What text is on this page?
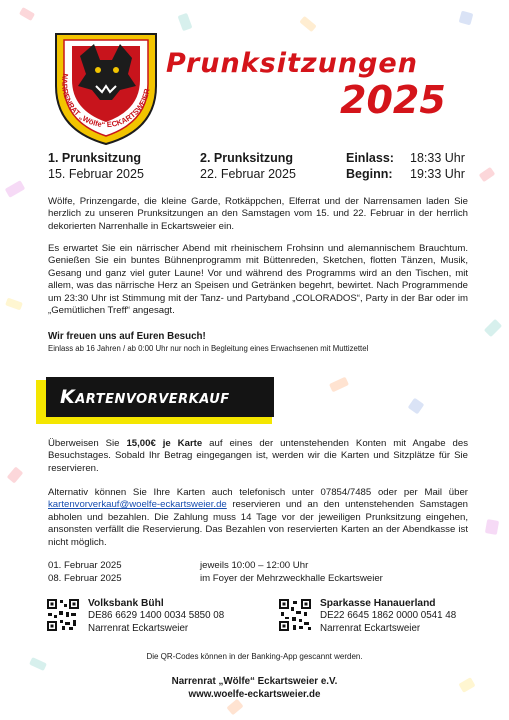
NARRENRAT „Wölfe“ ECKARTSWEIER
Prunksitzungen
2025
1. Prunksitzung
15. Februar 2025
2. Prunksitzung
22. Februar 2025
Einlass:	18:33 Uhr
Beginn:	19:33 Uhr

Wölfe, Prinzengarde, die kleine Garde, Rotkäppchen, Elferrat und der Narrensamen laden Sie herzlich zu unseren Prunksitzungen an den Samstagen vom 15. und 22. Februar in der herrlich dekorierten Narrenhalle in Eckartsweier ein.

Es erwartet Sie ein närrischer Abend mit rheinischem Frohsinn und alemannischem Brauchtum. Genießen Sie ein buntes Bühnenprogramm mit Büttenreden, Sketchen, flotten Tänzen, Musik, Gesang und ganz viel guter Laune! Vor und während des Programms wird an den Tischen, mit allem, was das närrische Herz an Speisen und Getränken begehrt, bewirtet. Nach Programmende um 23:30 Uhr ist Stimmung mit der Tanz- und Partyband „COLORADOS“, Party in der Bar oder im „Gemütlichen Treff“ angesagt.

Wir freuen uns auf Euren Besuch!
Einlass ab 16 Jahren / ab 0:00 Uhr nur noch in Begleitung eines Erwachsenen mit Muttizettel
Kartenvorverkauf

Überweisen Sie 15,00€ je Karte auf eines der untenstehenden Konten mit Angabe des Besuchstages. Sobald Ihr Betrag eingegangen ist, werden wir die Karten und Sitzplätze für Sie reservieren.

Alternativ können Sie Ihre Karten auch telefonisch unter 07854/7485 oder per Mail über kartenvorverkauf@woelfe-eckartsweier.de reservieren und an den untenstehenden Samstagen abholen und bezahlen. Die Zahlung muss 14 Tage vor der jeweiligen Prunksitzung eingehen, ansonsten verfällt die Reservierung. Das Bezahlen von reservierten Karten an der Abendkasse ist nicht möglich.

01. Februar 2025	jeweils 10:00 – 12:00 Uhr
08. Februar 2025	im Foyer der Mehrzweckhalle Eckartsweier
Volksbank Bühl
DE86 6629 1400 0034 5850 08
Narrenrat Eckartsweier
Sparkasse Hanauerland
DE22 6645 1862 0000 0541 48
Narrenrat Eckartsweier
Die QR-Codes können in der Banking-App gescannt werden.
Narrenrat „Wölfe“ Eckartsweier e.V.
www.woelfe-eckartsweier.de
